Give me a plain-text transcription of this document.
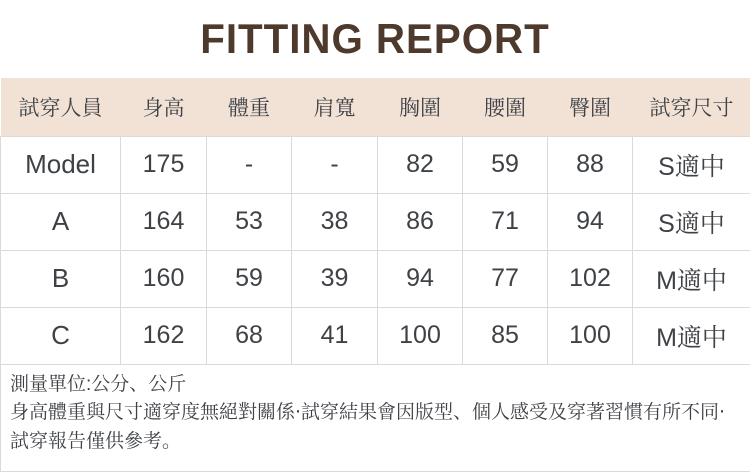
FITTING REPORT
試穿人員	身高	體重	肩寬	胸圍	腰圍	臀圍	試穿尺寸
Model	175	-	-	82	59	88	S適中
A	164	53	38	86	71	94	S適中
B	160	59	39	94	77	102	M適中
C	162	68	41	100	85	100	M適中

測量單位:公分、公斤
身高體重與尺寸適穿度無絕對關係‧試穿結果會因版型、個人感受及穿著習慣有所不同‧試穿報告僅供參考。							
